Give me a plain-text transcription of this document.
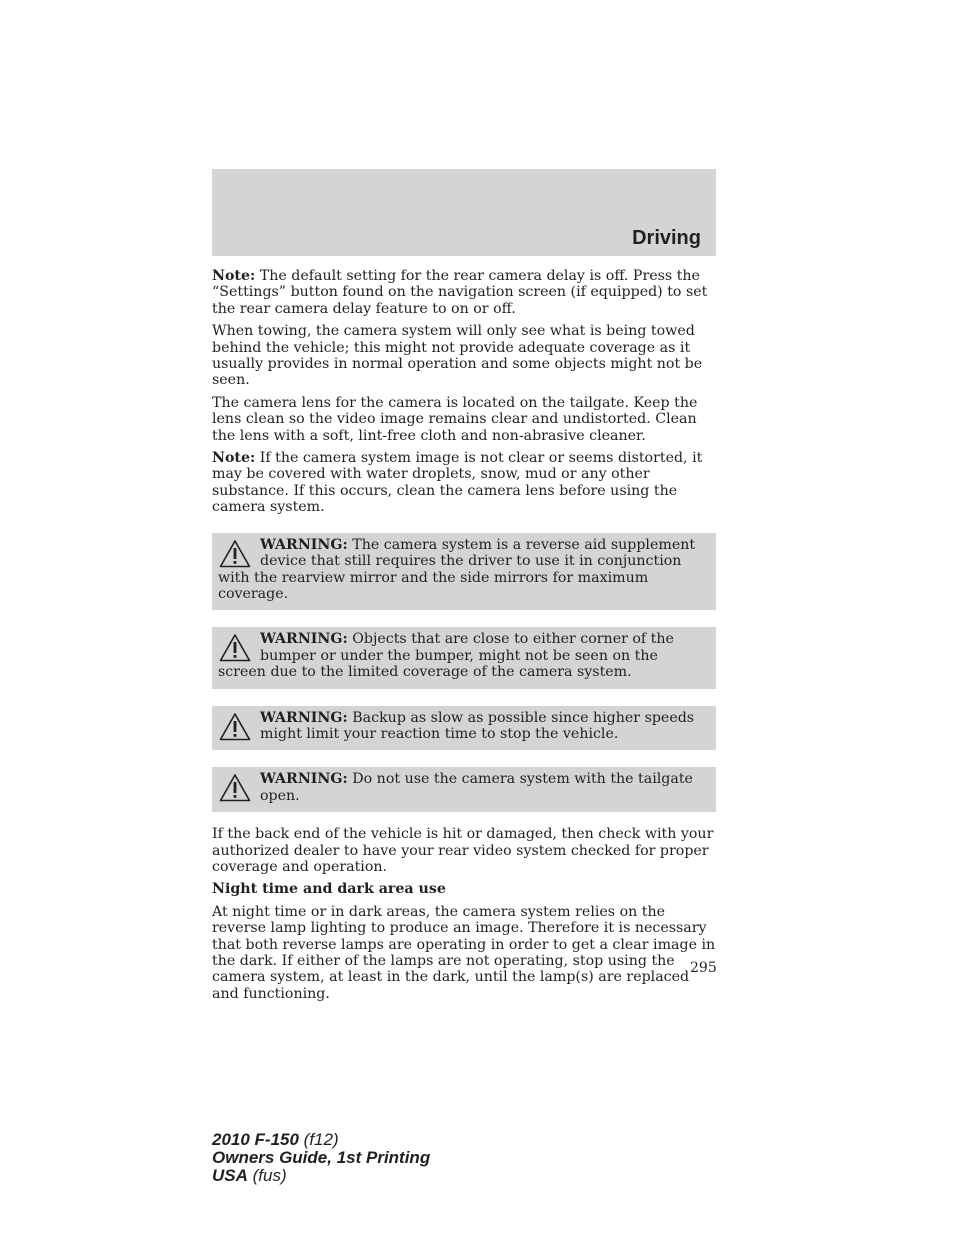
Driving

Note: The default setting for the rear camera delay is off. Press the “Settings” button found on the navigation screen (if equipped) to set the rear camera delay feature to on or off.

When towing, the camera system will only see what is being towed behind the vehicle; this might not provide adequate coverage as it usually provides in normal operation and some objects might not be seen.

The camera lens for the camera is located on the tailgate. Keep the lens clean so the video image remains clear and undistorted. Clean the lens with a soft, lint-free cloth and non-abrasive cleaner.

Note: If the camera system image is not clear or seems distorted, it may be covered with water droplets, snow, mud or any other substance. If this occurs, clean the camera lens before using the camera system.

WARNING: The camera system is a reverse aid supplement device that still requires the driver to use it in conjunction with the rearview mirror and the side mirrors for maximum coverage.
WARNING: Objects that are close to either corner of the bumper or under the bumper, might not be seen on the screen due to the limited coverage of the camera system.
WARNING: Backup as slow as possible since higher speeds might limit your reaction time to stop the vehicle.
WARNING: Do not use the camera system with the tailgate open.

If the back end of the vehicle is hit or damaged, then check with your authorized dealer to have your rear video system checked for proper coverage and operation.

Night time and dark area use

At night time or in dark areas, the camera system relies on the reverse lamp lighting to produce an image. Therefore it is necessary that both reverse lamps are operating in order to get a clear image in the dark. If either of the lamps are not operating, stop using the camera system, at least in the dark, until the lamp(s) are replaced and functioning.

295
2010 F-150 (f12)
Owners Guide, 1st Printing
USA (fus)
